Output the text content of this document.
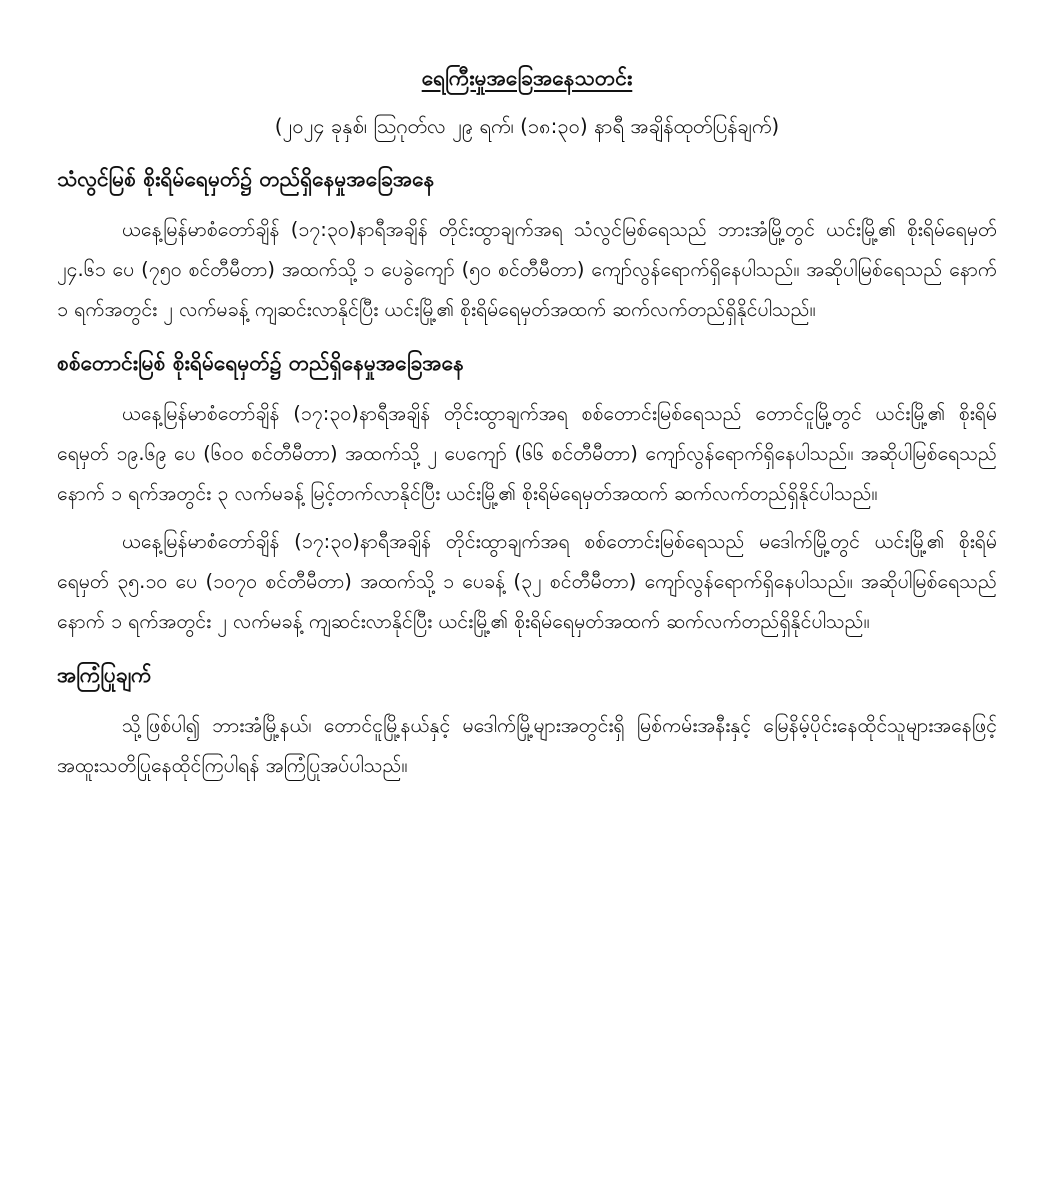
ရေကြီးမှုအခြေအနေသတင်း

(၂၀၂၄ ခုနှစ်၊ ဩဂုတ်လ ၂၉ ရက်၊ (၁၈:၃၀) နာရီ အချိန်ထုတ်ပြန်ချက်)

သံလွင်မြစ် စိုးရိမ်ရေမှတ်၌ တည်ရှိနေမှုအခြေအနေ

ယနေ့မြန်မာစံတော်ချိန် (၁၇:၃၀)နာရီအချိန် တိုင်းထွာချက်အရ သံလွင်မြစ်ရေသည် ဘားအံမြို့တွင် ယင်းမြို့၏ စိုးရိမ်ရေမှတ် ၂၄.၆၁ ပေ (၇၅၀ စင်တီမီတာ) အထက်သို့ ၁ ပေခွဲကျော် (၅၀ စင်တီမီတာ) ကျော်လွန်ရောက်ရှိနေပါသည်။ အဆိုပါမြစ်ရေသည် နောက် ၁ ရက်အတွင်း ၂ လက်မခန့် ကျဆင်းလာနိုင်ပြီး ယင်းမြို့၏ စိုးရိမ်ရေမှတ်အထက် ဆက်လက်တည်ရှိနိုင်ပါသည်။

စစ်တောင်းမြစ် စိုးရိမ်ရေမှတ်၌ တည်ရှိနေမှုအခြေအနေ

ယနေ့မြန်မာစံတော်ချိန် (၁၇:၃၀)နာရီအချိန် တိုင်းထွာချက်အရ စစ်တောင်းမြစ်ရေသည် တောင်ငူမြို့တွင် ယင်းမြို့၏ စိုးရိမ်ရေမှတ် ၁၉.၆၉ ပေ (၆၀၀ စင်တီမီတာ) အထက်သို့ ၂ ပေကျော် (၆၆ စင်တီမီတာ) ကျော်လွန်ရောက်ရှိနေပါသည်။ အဆိုပါမြစ်ရေသည် နောက် ၁ ရက်အတွင်း ၃ လက်မခန့် မြင့်တက်လာနိုင်ပြီး ယင်းမြို့၏ စိုးရိမ်ရေမှတ်အထက် ဆက်လက်တည်ရှိနိုင်ပါသည်။

ယနေ့မြန်မာစံတော်ချိန် (၁၇:၃၀)နာရီအချိန် တိုင်းထွာချက်အရ စစ်တောင်းမြစ်ရေသည် မဒေါက်မြို့တွင် ယင်းမြို့၏ စိုးရိမ်ရေမှတ် ၃၅.၁၀ ပေ (၁၀၇၀ စင်တီမီတာ) အထက်သို့ ၁ ပေခန့် (၃၂ စင်တီမီတာ) ကျော်လွန်ရောက်ရှိနေပါသည်။ အဆိုပါမြစ်ရေသည် နောက် ၁ ရက်အတွင်း ၂ လက်မခန့် ကျဆင်းလာနိုင်ပြီး ယင်းမြို့၏ စိုးရိမ်ရေမှတ်အထက် ဆက်လက်တည်ရှိနိုင်ပါသည်။

အကြံပြုချက်

သို့ဖြစ်ပါ၍ ဘားအံမြို့နယ်၊ တောင်ငူမြို့နယ်နှင့် မဒေါက်မြို့များအတွင်းရှိ မြစ်ကမ်းအနီးနှင့် မြေနိမ့်ပိုင်းနေထိုင်သူများအနေဖြင့် အထူးသတိပြုနေထိုင်ကြပါရန် အကြံပြုအပ်ပါသည်။
